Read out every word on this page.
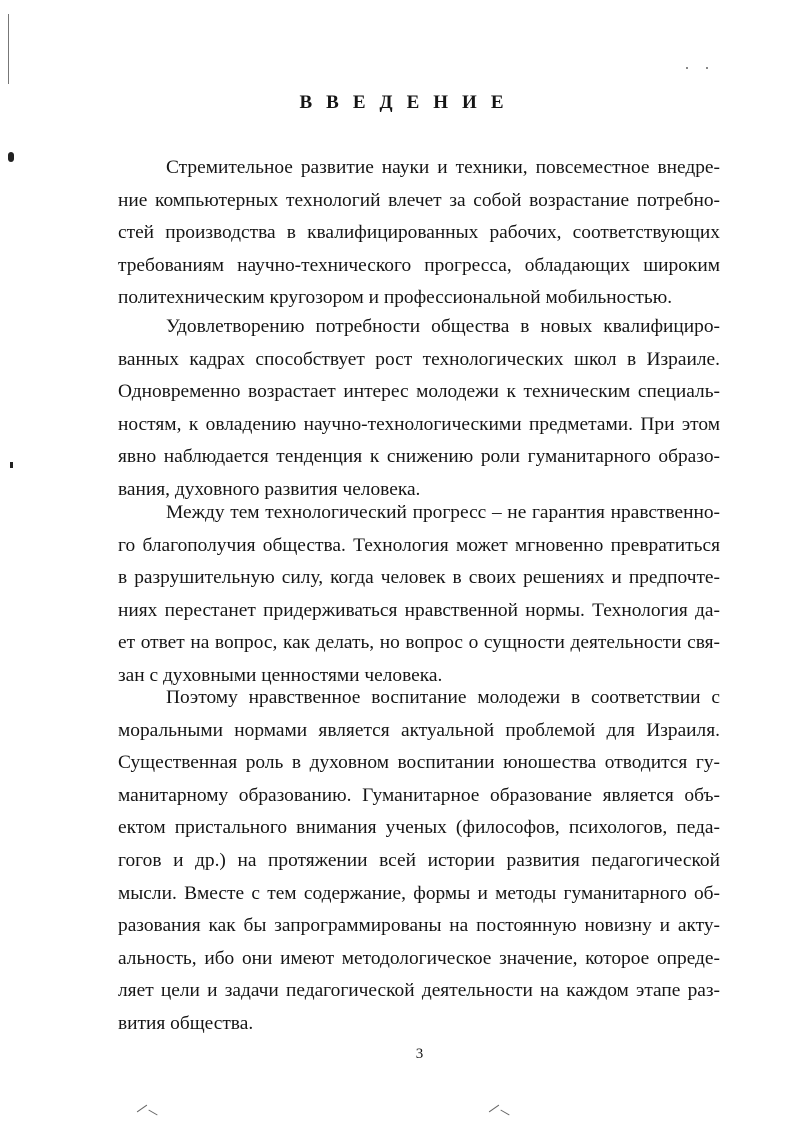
ВВЕДЕНИЕ
Стремительное развитие науки и техники, повсеместное внедре-
ние компьютерных технологий влечет за собой возрастание потребно-
стей производства в квалифицированных рабочих, соответствующих
требованиям научно-технического прогресса, обладающих широким
политехническим кругозором и профессиональной мобильностью.
Удовлетворению потребности общества в новых квалифициро-
ванных кадрах способствует рост технологических школ в Израиле.
Одновременно возрастает интерес молодежи к техническим специаль-
ностям, к овладению научно-технологическими предметами. При этом
явно наблюдается тенденция к снижению роли гуманитарного образо-
вания, духовного развития человека.
Между тем технологический прогресс – не гарантия нравственно-
го благополучия общества. Технология может мгновенно превратиться
в разрушительную силу, когда человек в своих решениях и предпочте-
ниях перестанет придерживаться нравственной нормы. Технология да-
ет ответ на вопрос, как делать, но вопрос о сущности деятельности свя-
зан с духовными ценностями человека.
Поэтому нравственное воспитание молодежи в соответствии с
моральными нормами является актуальной проблемой для Израиля.
Существенная роль в духовном воспитании юношества отводится гу-
манитарному образованию. Гуманитарное образование является объ-
ектом пристального внимания ученых (философов, психологов, педа-
гогов и др.) на протяжении всей истории развития педагогической
мысли. Вместе с тем содержание, формы и методы гуманитарного об-
разования как бы запрограммированы на постоянную новизну и акту-
альность, ибо они имеют методологическое значение, которое опреде-
ляет цели и задачи педагогической деятельности на каждом этапе раз-
вития общества.
3
